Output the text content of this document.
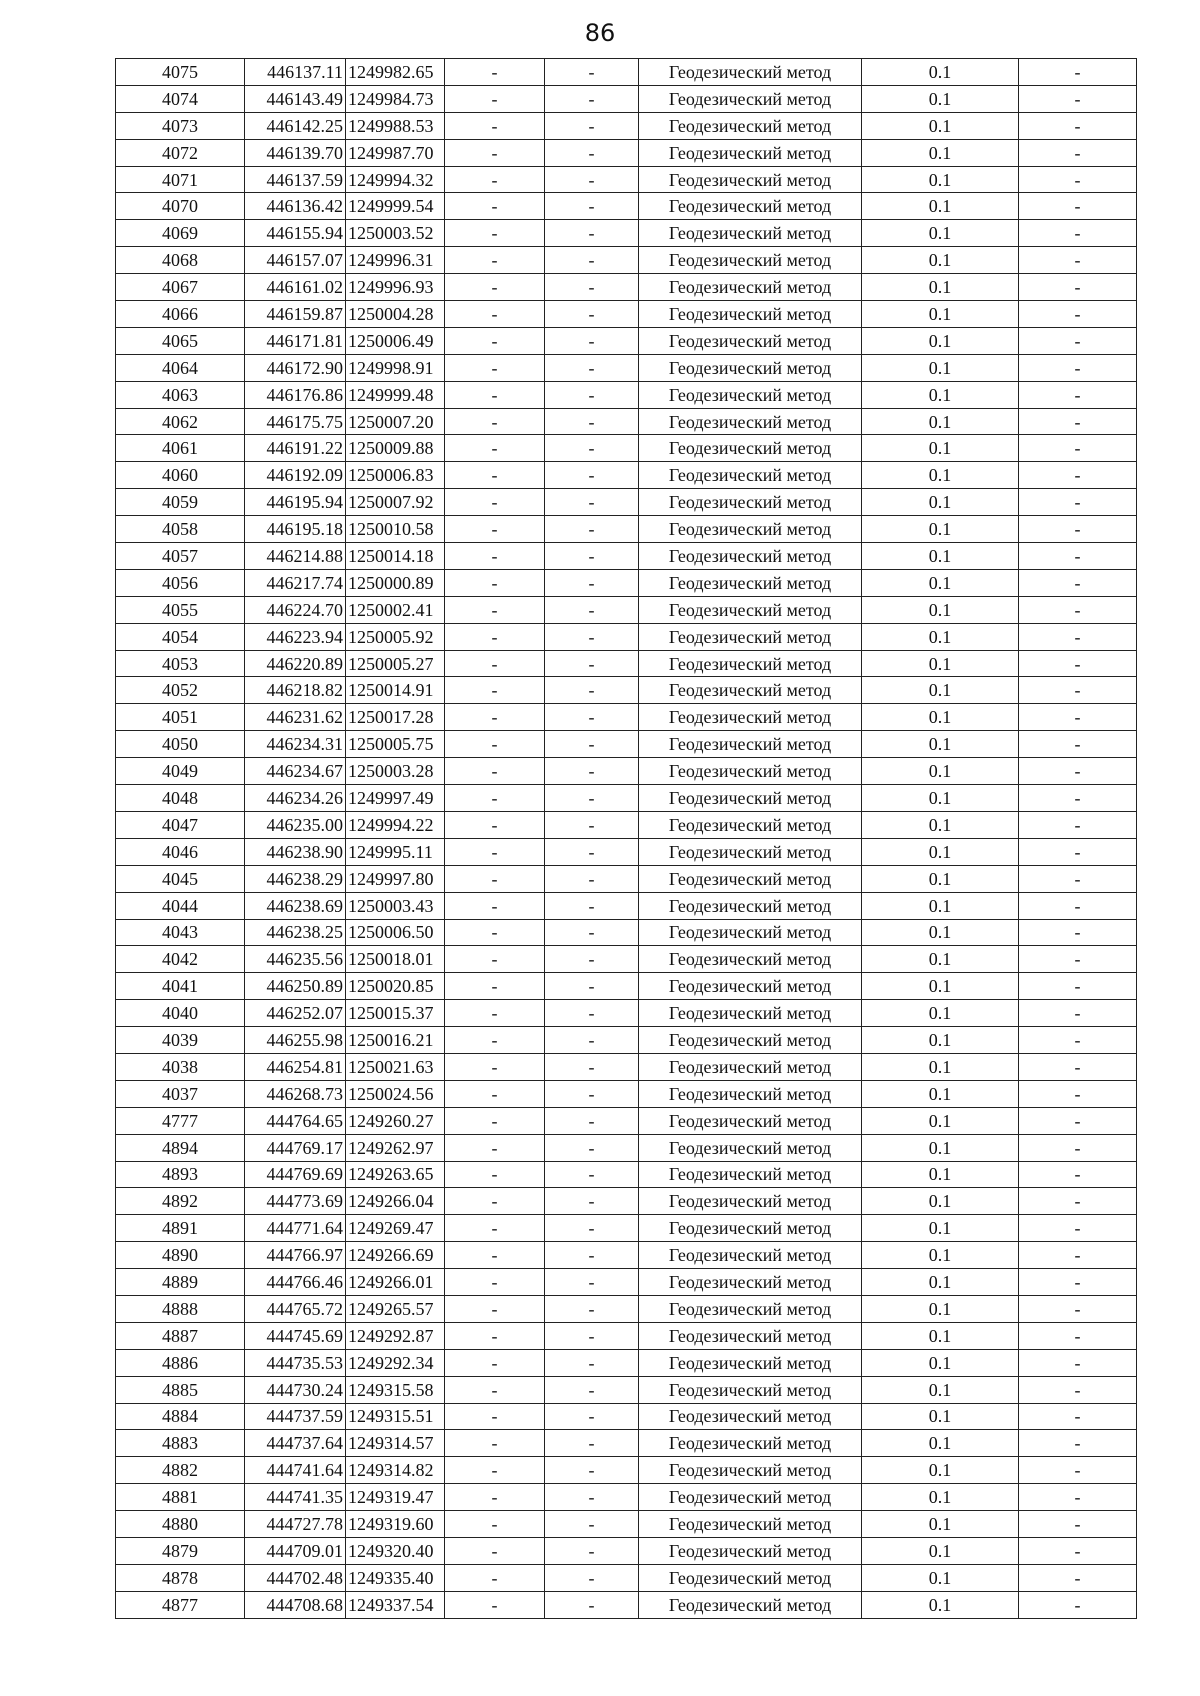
86
4075	446137.11	1249982.65	-	-	Геодезический метод	0.1	-
4074	446143.49	1249984.73	-	-	Геодезический метод	0.1	-
4073	446142.25	1249988.53	-	-	Геодезический метод	0.1	-
4072	446139.70	1249987.70	-	-	Геодезический метод	0.1	-
4071	446137.59	1249994.32	-	-	Геодезический метод	0.1	-
4070	446136.42	1249999.54	-	-	Геодезический метод	0.1	-
4069	446155.94	1250003.52	-	-	Геодезический метод	0.1	-
4068	446157.07	1249996.31	-	-	Геодезический метод	0.1	-
4067	446161.02	1249996.93	-	-	Геодезический метод	0.1	-
4066	446159.87	1250004.28	-	-	Геодезический метод	0.1	-
4065	446171.81	1250006.49	-	-	Геодезический метод	0.1	-
4064	446172.90	1249998.91	-	-	Геодезический метод	0.1	-
4063	446176.86	1249999.48	-	-	Геодезический метод	0.1	-
4062	446175.75	1250007.20	-	-	Геодезический метод	0.1	-
4061	446191.22	1250009.88	-	-	Геодезический метод	0.1	-
4060	446192.09	1250006.83	-	-	Геодезический метод	0.1	-
4059	446195.94	1250007.92	-	-	Геодезический метод	0.1	-
4058	446195.18	1250010.58	-	-	Геодезический метод	0.1	-
4057	446214.88	1250014.18	-	-	Геодезический метод	0.1	-
4056	446217.74	1250000.89	-	-	Геодезический метод	0.1	-
4055	446224.70	1250002.41	-	-	Геодезический метод	0.1	-
4054	446223.94	1250005.92	-	-	Геодезический метод	0.1	-
4053	446220.89	1250005.27	-	-	Геодезический метод	0.1	-
4052	446218.82	1250014.91	-	-	Геодезический метод	0.1	-
4051	446231.62	1250017.28	-	-	Геодезический метод	0.1	-
4050	446234.31	1250005.75	-	-	Геодезический метод	0.1	-
4049	446234.67	1250003.28	-	-	Геодезический метод	0.1	-
4048	446234.26	1249997.49	-	-	Геодезический метод	0.1	-
4047	446235.00	1249994.22	-	-	Геодезический метод	0.1	-
4046	446238.90	1249995.11	-	-	Геодезический метод	0.1	-
4045	446238.29	1249997.80	-	-	Геодезический метод	0.1	-
4044	446238.69	1250003.43	-	-	Геодезический метод	0.1	-
4043	446238.25	1250006.50	-	-	Геодезический метод	0.1	-
4042	446235.56	1250018.01	-	-	Геодезический метод	0.1	-
4041	446250.89	1250020.85	-	-	Геодезический метод	0.1	-
4040	446252.07	1250015.37	-	-	Геодезический метод	0.1	-
4039	446255.98	1250016.21	-	-	Геодезический метод	0.1	-
4038	446254.81	1250021.63	-	-	Геодезический метод	0.1	-
4037	446268.73	1250024.56	-	-	Геодезический метод	0.1	-
4777	444764.65	1249260.27	-	-	Геодезический метод	0.1	-
4894	444769.17	1249262.97	-	-	Геодезический метод	0.1	-
4893	444769.69	1249263.65	-	-	Геодезический метод	0.1	-
4892	444773.69	1249266.04	-	-	Геодезический метод	0.1	-
4891	444771.64	1249269.47	-	-	Геодезический метод	0.1	-
4890	444766.97	1249266.69	-	-	Геодезический метод	0.1	-
4889	444766.46	1249266.01	-	-	Геодезический метод	0.1	-
4888	444765.72	1249265.57	-	-	Геодезический метод	0.1	-
4887	444745.69	1249292.87	-	-	Геодезический метод	0.1	-
4886	444735.53	1249292.34	-	-	Геодезический метод	0.1	-
4885	444730.24	1249315.58	-	-	Геодезический метод	0.1	-
4884	444737.59	1249315.51	-	-	Геодезический метод	0.1	-
4883	444737.64	1249314.57	-	-	Геодезический метод	0.1	-
4882	444741.64	1249314.82	-	-	Геодезический метод	0.1	-
4881	444741.35	1249319.47	-	-	Геодезический метод	0.1	-
4880	444727.78	1249319.60	-	-	Геодезический метод	0.1	-
4879	444709.01	1249320.40	-	-	Геодезический метод	0.1	-
4878	444702.48	1249335.40	-	-	Геодезический метод	0.1	-
4877	444708.68	1249337.54	-	-	Геодезический метод	0.1	-
